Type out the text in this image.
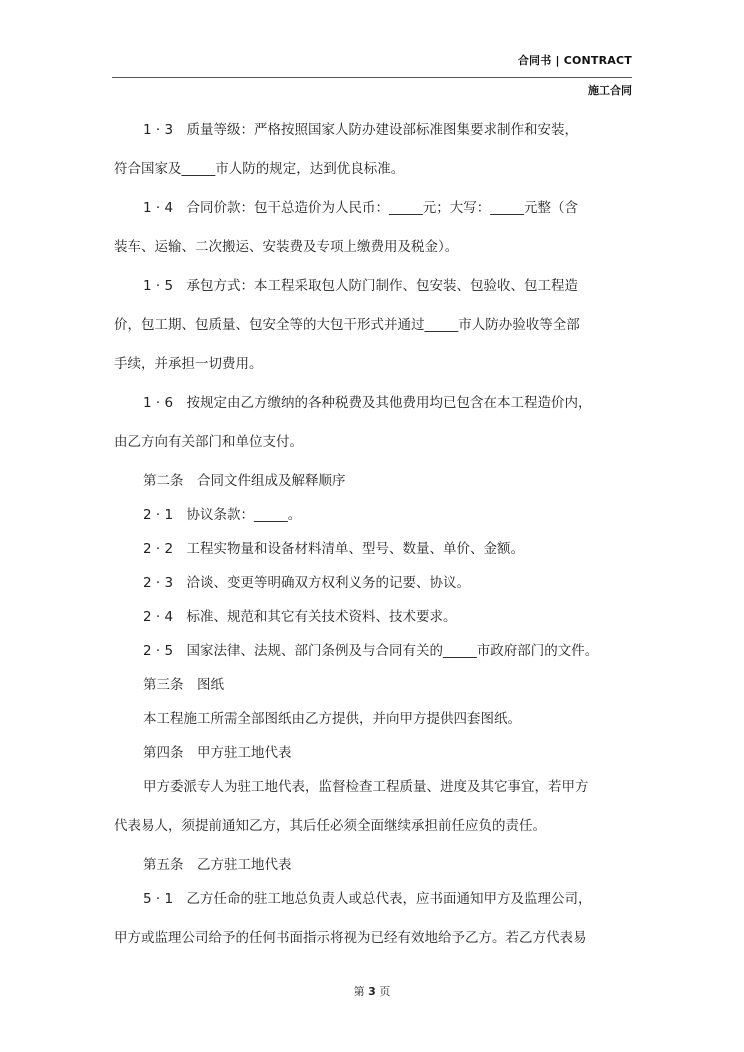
合同书 | CONTRACT
施工合同
1 · 3　质量等级：严格按照国家人防办建设部标准图集要求制作和安装，
符合国家及_____市人防的规定，达到优良标准。
1 · 4　合同价款：包干总造价为人民币：_____元；大写：_____元整（含
装车、运输、二次搬运、安装费及专项上缴费用及税金）。
1 · 5　承包方式：本工程采取包人防门制作、包安装、包验收、包工程造
价，包工期、包质量、包安全等的大包干形式并通过_____市人防办验收等全部
手续，并承担一切费用。
1 · 6　按规定由乙方缴纳的各种税费及其他费用均已包含在本工程造价内，
由乙方向有关部门和单位支付。
第二条　合同文件组成及解释顺序
2 · 1　协议条款：_____。
2 · 2　工程实物量和设备材料清单、型号、数量、单价、金额。
2 · 3　洽谈、变更等明确双方权利义务的记要、协议。
2 · 4　标准、规范和其它有关技术资料、技术要求。
2 · 5　国家法律、法规、部门条例及与合同有关的_____市政府部门的文件。
第三条　图纸
本工程施工所需全部图纸由乙方提供，并向甲方提供四套图纸。
第四条　甲方驻工地代表
甲方委派专人为驻工地代表，监督检查工程质量、进度及其它事宜，若甲方
代表易人，须提前通知乙方，其后任必须全面继续承担前任应负的责任。
第五条　乙方驻工地代表
5 · 1　乙方任命的驻工地总负责人或总代表，应书面通知甲方及监理公司，
甲方或监理公司给予的任何书面指示将视为已经有效地给予乙方。若乙方代表易
第 3 页
